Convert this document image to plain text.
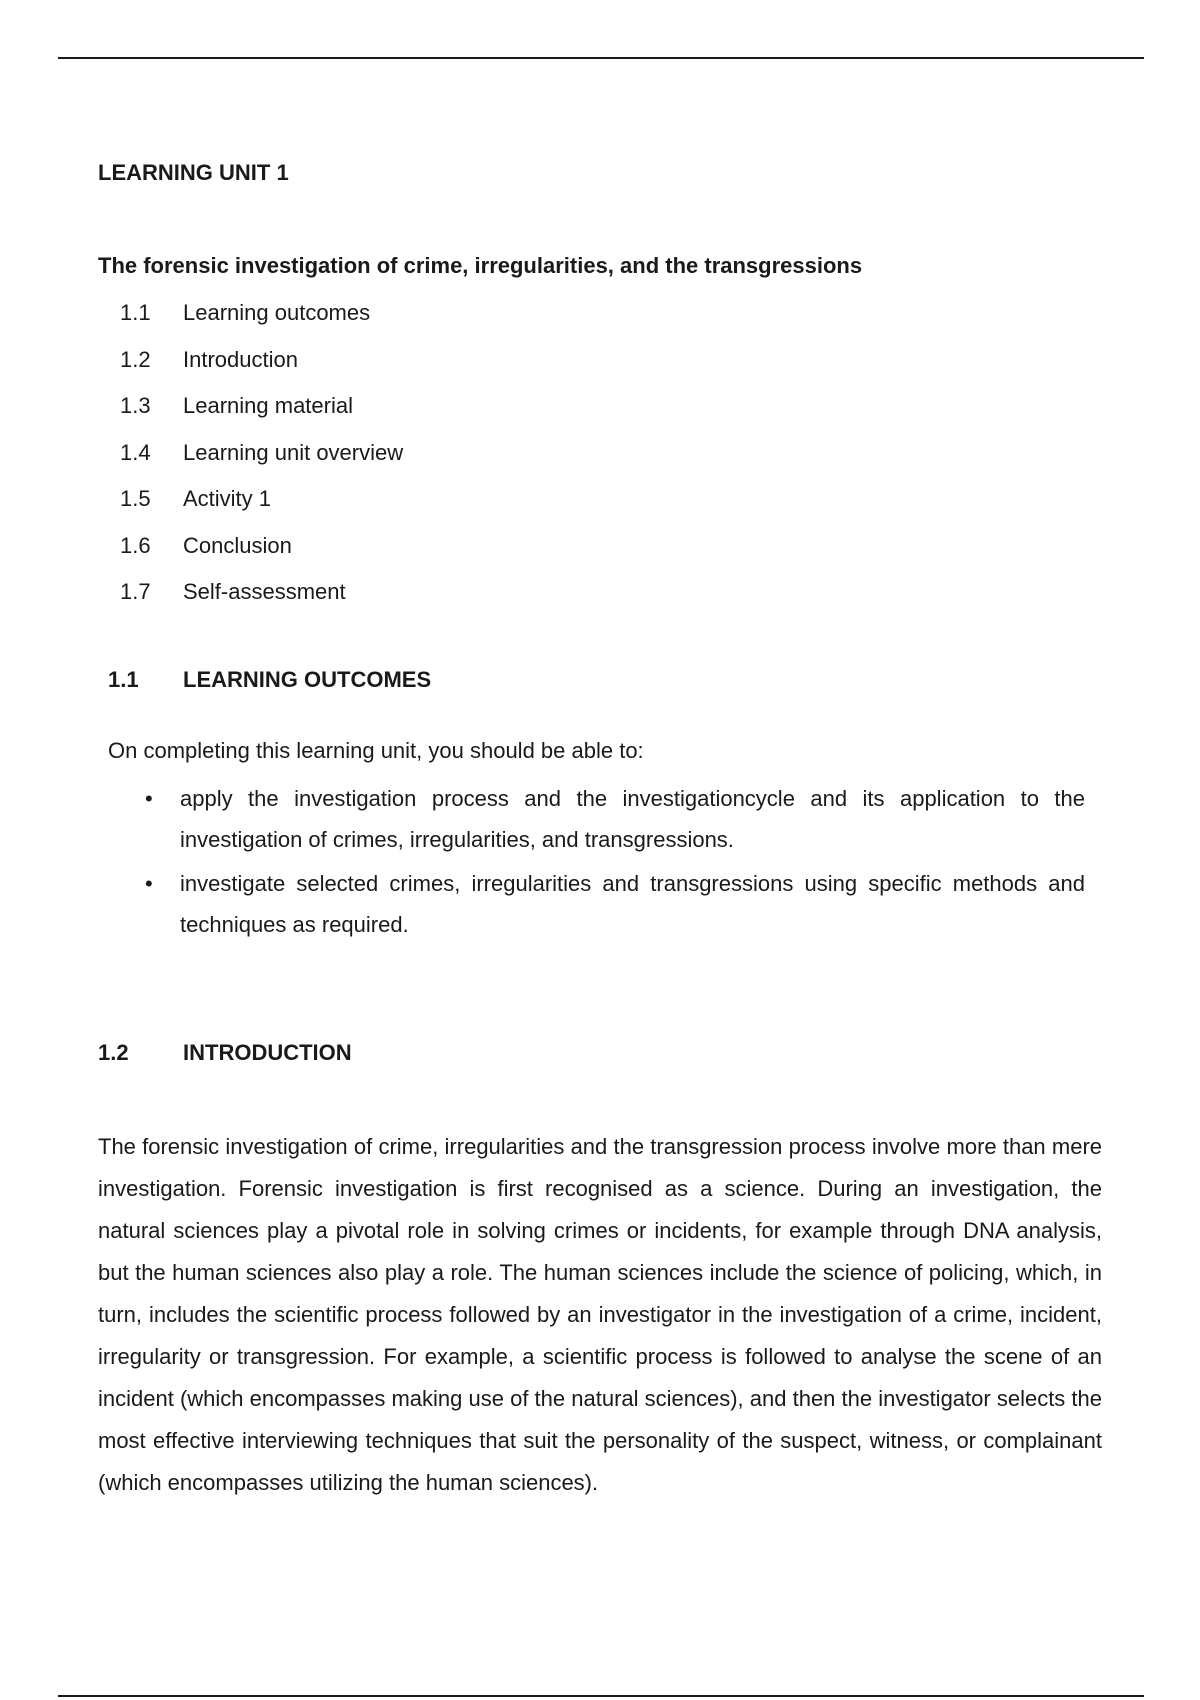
LEARNING UNIT 1
The forensic investigation of crime, irregularities, and the transgressions
1.1	Learning outcomes
1.2	Introduction
1.3	Learning material
1.4	Learning unit overview
1.5	Activity 1
1.6	Conclusion
1.7	Self-assessment
1.1	LEARNING OUTCOMES

On completing this learning unit, you should be able to:

• apply the investigation process and the investigationcycle and its application to the investigation of crimes, irregularities, and transgressions.
• investigate selected crimes, irregularities and transgressions using specific methods and techniques as required.
1.2	INTRODUCTION

The forensic investigation of crime, irregularities and the transgression process involve more than mere investigation. Forensic investigation is first recognised as a science. During an investigation, the natural sciences play a pivotal role in solving crimes or incidents, for example through DNA analysis, but the human sciences also play a role. The human sciences include the science of policing, which, in turn, includes the scientific process followed by an investigator in the investigation of a crime, incident, irregularity or transgression. For example, a scientific process is followed to analyse the scene of an incident (which encompasses making use of the natural sciences), and then the investigator selects the most effective interviewing techniques that suit the personality of the suspect, witness, or complainant (which encompasses utilizing the human sciences).
